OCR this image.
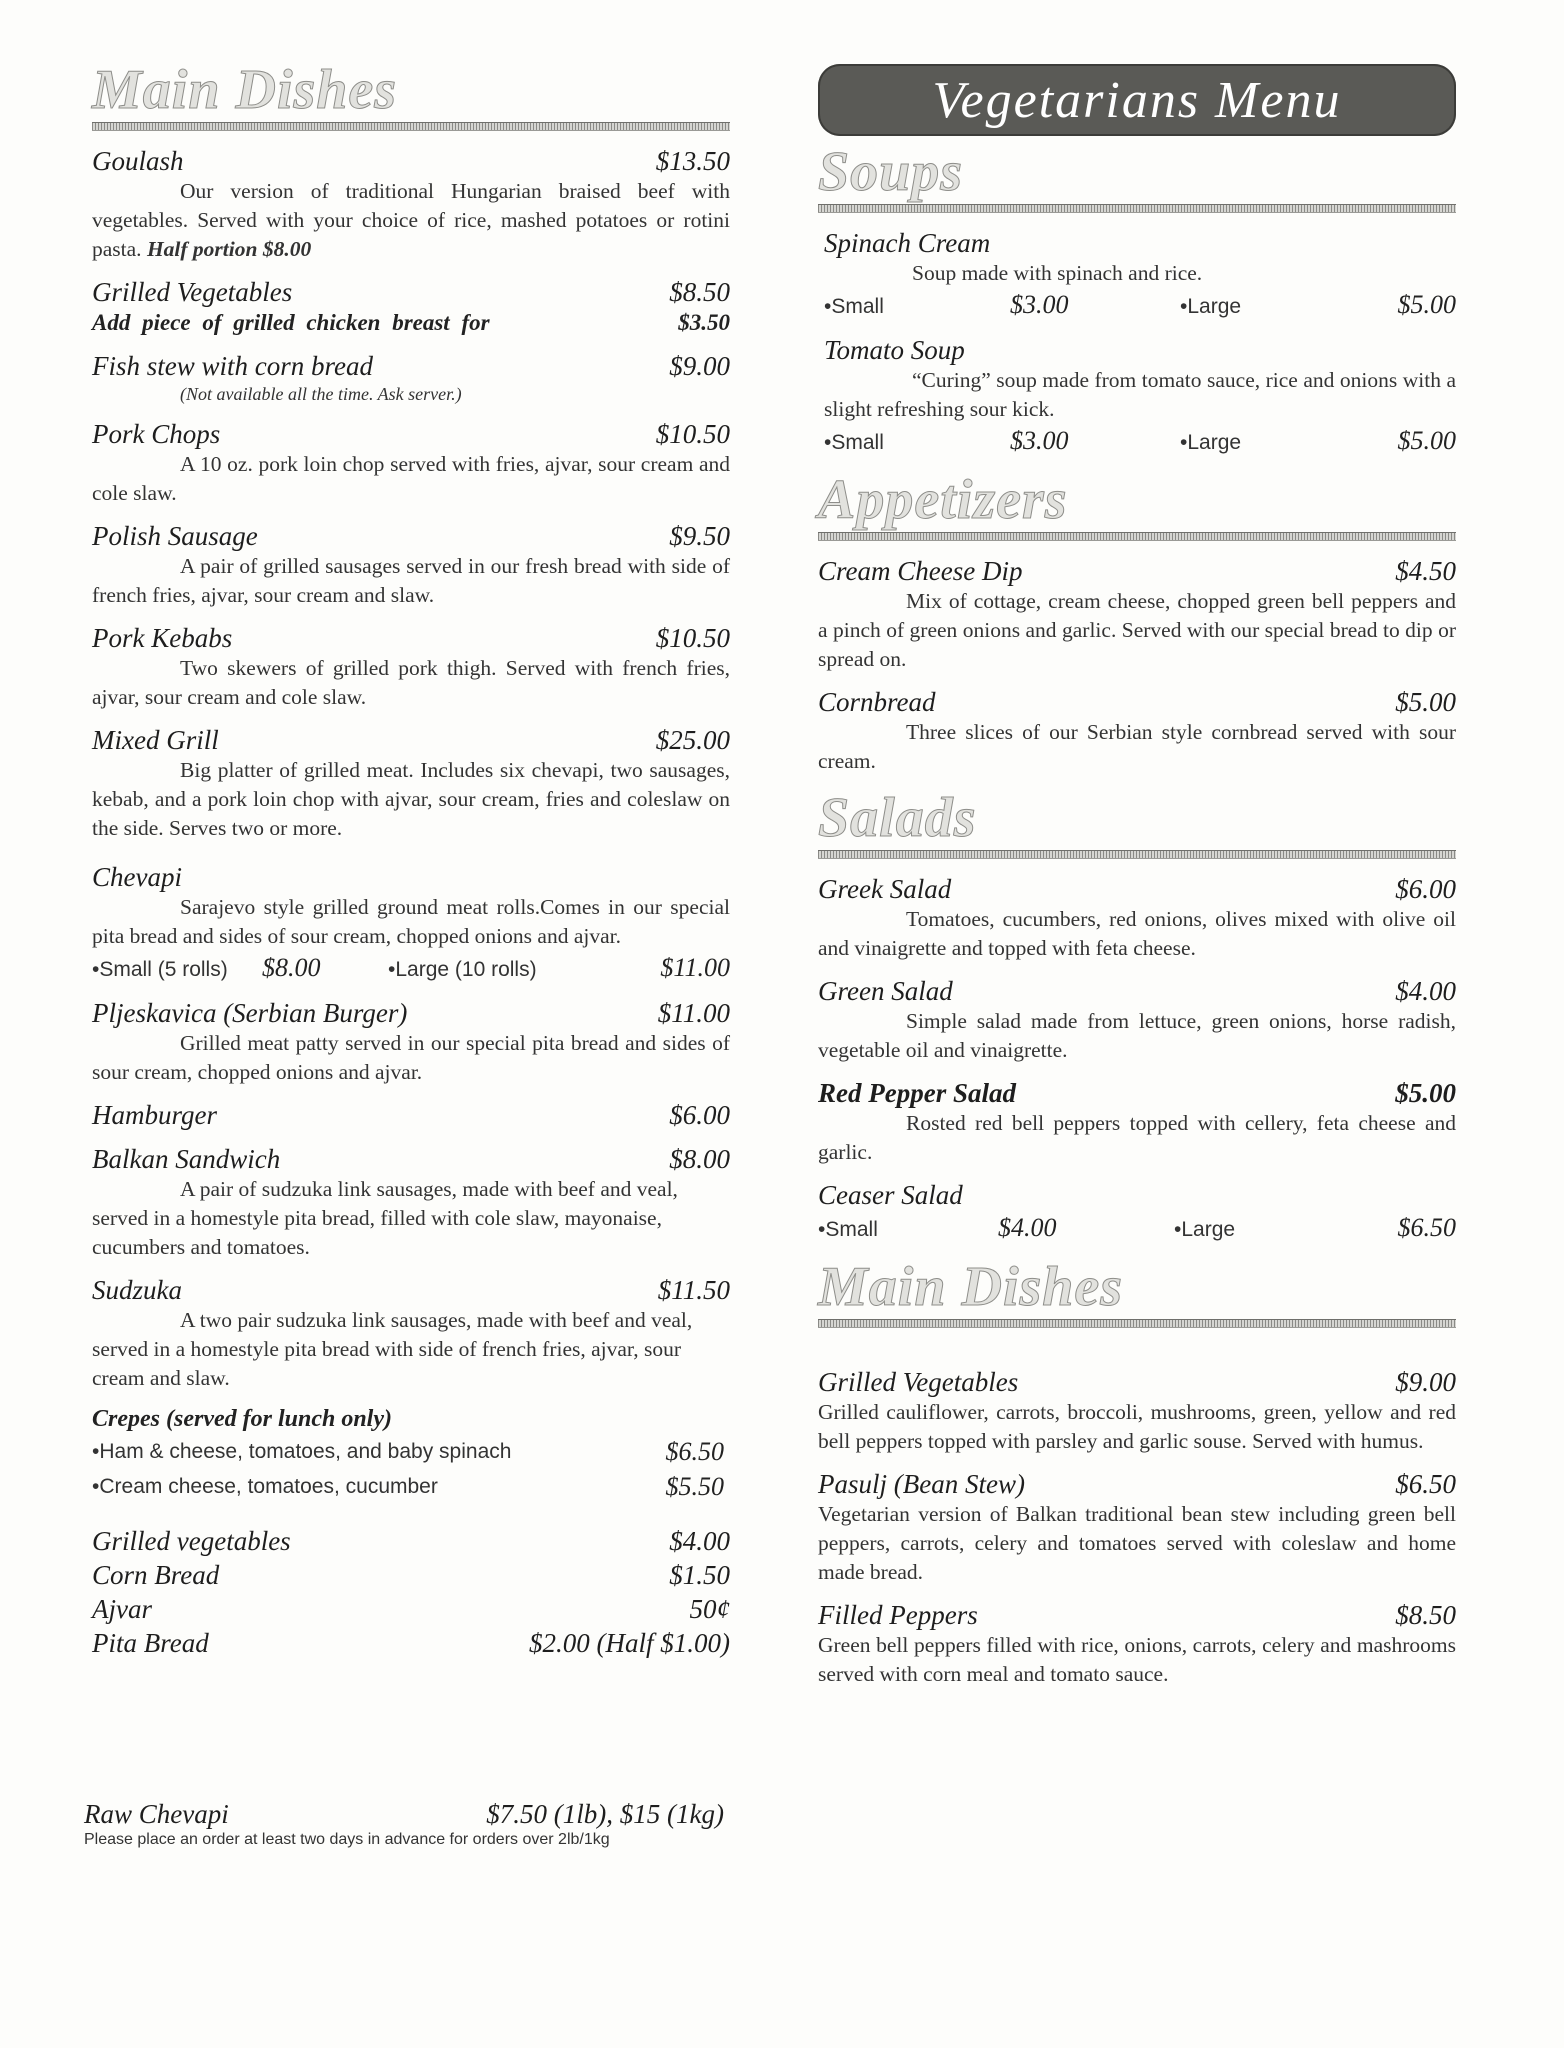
Main Dishes
Goulash	$13.50

Our version of traditional Hungarian braised beef with vegetables. Served with your choice of rice, mashed potatoes or rotini pasta. Half portion $8.00

Grilled Vegetables	$8.50
Add piece of grilled chicken breast for	$3.50
Fish stew with corn bread	$9.00
(Not available all the time. Ask server.)
Pork Chops	$10.50

A 10 oz. pork loin chop served with fries, ajvar, sour cream and cole slaw.

Polish Sausage	$9.50

A pair of grilled sausages served in our fresh bread with side of french fries, ajvar, sour cream and slaw.

Pork Kebabs	$10.50

Two skewers of grilled pork thigh. Served with french fries, ajvar, sour cream and cole slaw.

Mixed Grill	$25.00

Big platter of grilled meat. Includes six chevapi, two sausages, kebab, and a pork loin chop with ajvar, sour cream, fries and coleslaw on the side. Serves two or more.

Chevapi

Sarajevo style grilled ground meat rolls.Comes in our special pita bread and sides of sour cream, chopped onions and ajvar.

• Small (5 rolls)	$8.00	• Large (10 rolls)	$11.00
Pljeskavica (Serbian Burger)	$11.00

Grilled meat patty served in our special pita bread and sides of sour cream, chopped onions and ajvar.

Hamburger	$6.00
Balkan Sandwich	$8.00

A pair of sudzuka link sausages, made with beef and veal, served in a homestyle pita bread, filled with cole slaw, mayonaise, cucumbers and tomatoes.

Sudzuka	$11.50

A two pair sudzuka link sausages, made with beef and veal, served in a homestyle pita bread with side of french fries, ajvar, sour cream and slaw.

Crepes (served for lunch only)
• Ham & cheese, tomatoes, and baby spinach	$6.50
• Cream cheese, tomatoes, cucumber	$5.50
Grilled vegetables	$4.00
Corn Bread	$1.50
Ajvar	50¢
Pita Bread	$2.00 (Half $1.00)
Raw Chevapi	$7.50 (1lb), $15 (1kg)
Please place an order at least two days in advance for orders over 2lb/1kg
Vegetarians Menu
Soups
Spinach Cream

Soup made with spinach and rice.

• Small	$3.00	• Large	$5.00
Tomato Soup

“Curing” soup made from tomato sauce, rice and onions with a slight refreshing sour kick.

• Small	$3.00	• Large	$5.00
Appetizers
Cream Cheese Dip	$4.50

Mix of cottage, cream cheese, chopped green bell peppers and a pinch of green onions and garlic. Served with our special bread to dip or spread on.

Cornbread	$5.00

Three slices of our Serbian style cornbread served with sour cream.

Salads
Greek Salad	$6.00

Tomatoes, cucumbers, red onions, olives mixed with olive oil and vinaigrette and topped with feta cheese.

Green Salad	$4.00

Simple salad made from lettuce, green onions, horse radish, vegetable oil and vinaigrette.

Red Pepper Salad	$5.00

Rosted red bell peppers topped with cellery, feta cheese and garlic.

Ceaser Salad
• Small	$4.00	• Large	$6.50
Main Dishes
Grilled Vegetables	$9.00

Grilled cauliflower, carrots, broccoli, mushrooms, green, yellow and red bell peppers topped with parsley and garlic souse. Served with humus.

Pasulj (Bean Stew)	$6.50

Vegetarian version of Balkan traditional bean stew including green bell peppers, carrots, celery and tomatoes served with coleslaw and home made bread.

Filled Peppers	$8.50

Green bell peppers filled with rice, onions, carrots, celery and mashrooms served with corn meal and tomato sauce.
